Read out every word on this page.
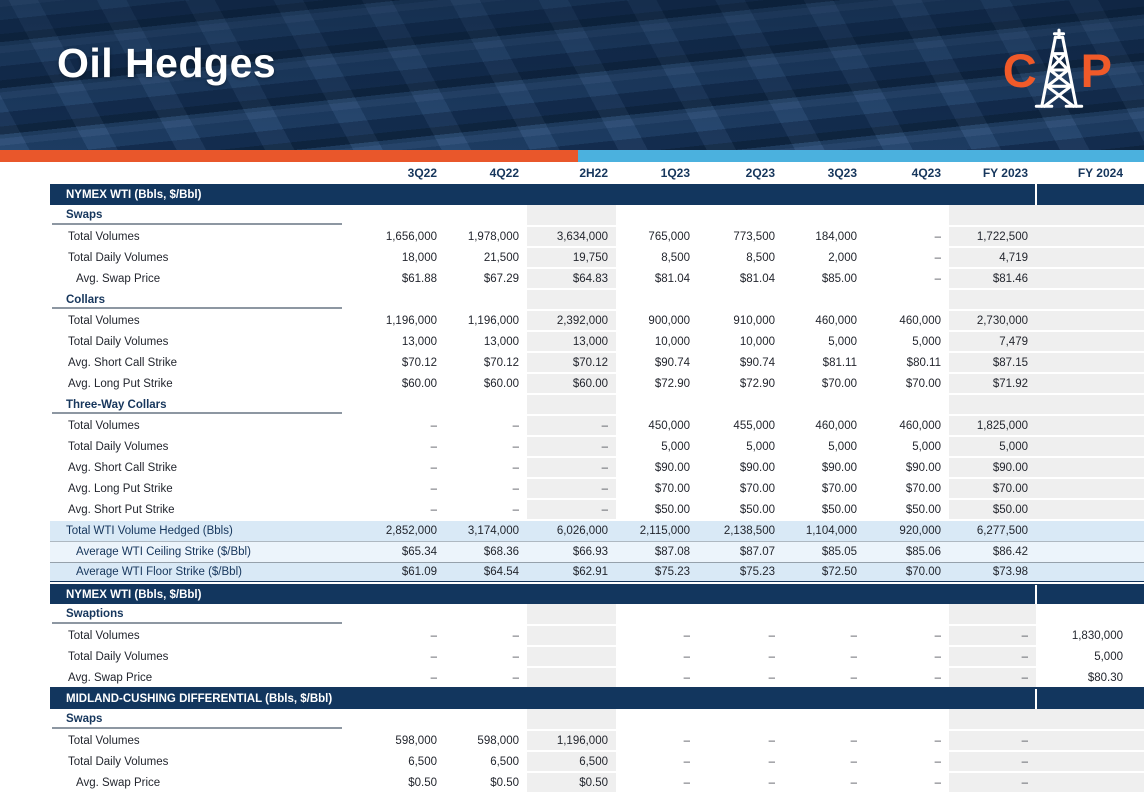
Oil Hedges	C P
	3Q22	4Q22	2H22	1Q23	2Q23	3Q23	4Q23	FY 2023	FY 2024
NYMEX WTI (Bbls, $/Bbl)									
Swaps

Total Volumes	1,656,000	1,978,000	3,634,000	765,000	773,500	184,000	–	1,722,500	
Total Daily Volumes	18,000	21,500	19,750	8,500	8,500	2,000	–	4,719	
Avg. Swap Price	$61.88	$67.29	$64.83	$81.04	$81.04	$85.00	–	$81.46	
Collars

Total Volumes	1,196,000	1,196,000	2,392,000	900,000	910,000	460,000	460,000	2,730,000	
Total Daily Volumes	13,000	13,000	13,000	10,000	10,000	5,000	5,000	7,479	
Avg. Short Call Strike	$70.12	$70.12	$70.12	$90.74	$90.74	$81.11	$80.11	$87.15	
Avg. Long Put Strike	$60.00	$60.00	$60.00	$72.90	$72.90	$70.00	$70.00	$71.92	
Three-Way Collars

Total Volumes	–	–	–	450,000	455,000	460,000	460,000	1,825,000	
Total Daily Volumes	–	–	–	5,000	5,000	5,000	5,000	5,000	
Avg. Short Call Strike	–	–	–	$90.00	$90.00	$90.00	$90.00	$90.00	
Avg. Long Put Strike	–	–	–	$70.00	$70.00	$70.00	$70.00	$70.00	
Avg. Short Put Strike	–	–	–	$50.00	$50.00	$50.00	$50.00	$50.00	
Total WTI Volume Hedged (Bbls)	2,852,000	3,174,000	6,026,000	2,115,000	2,138,500	1,104,000	920,000	6,277,500	
Average WTI Ceiling Strike ($/Bbl)	$65.34	$68.36	$66.93	$87.08	$87.07	$85.05	$85.06	$86.42	
Average WTI Floor Strike ($/Bbl)	$61.09	$64.54	$62.91	$75.23	$75.23	$72.50	$70.00	$73.98	
NYMEX WTI (Bbls, $/Bbl)									
Swaptions

Total Volumes	–	–		–	–	–	–	–	1,830,000
Total Daily Volumes	–	–		–	–	–	–	–	5,000
Avg. Swap Price	–	–		–	–	–	–	–	$80.30
MIDLAND-CUSHING DIFFERENTIAL (Bbls, $/Bbl)									
Swaps

Total Volumes	598,000	598,000	1,196,000	–	–	–	–	–	
Total Daily Volumes	6,500	6,500	6,500	–	–	–	–	–	
Avg. Swap Price	$0.50	$0.50	$0.50	–	–	–	–	–	
